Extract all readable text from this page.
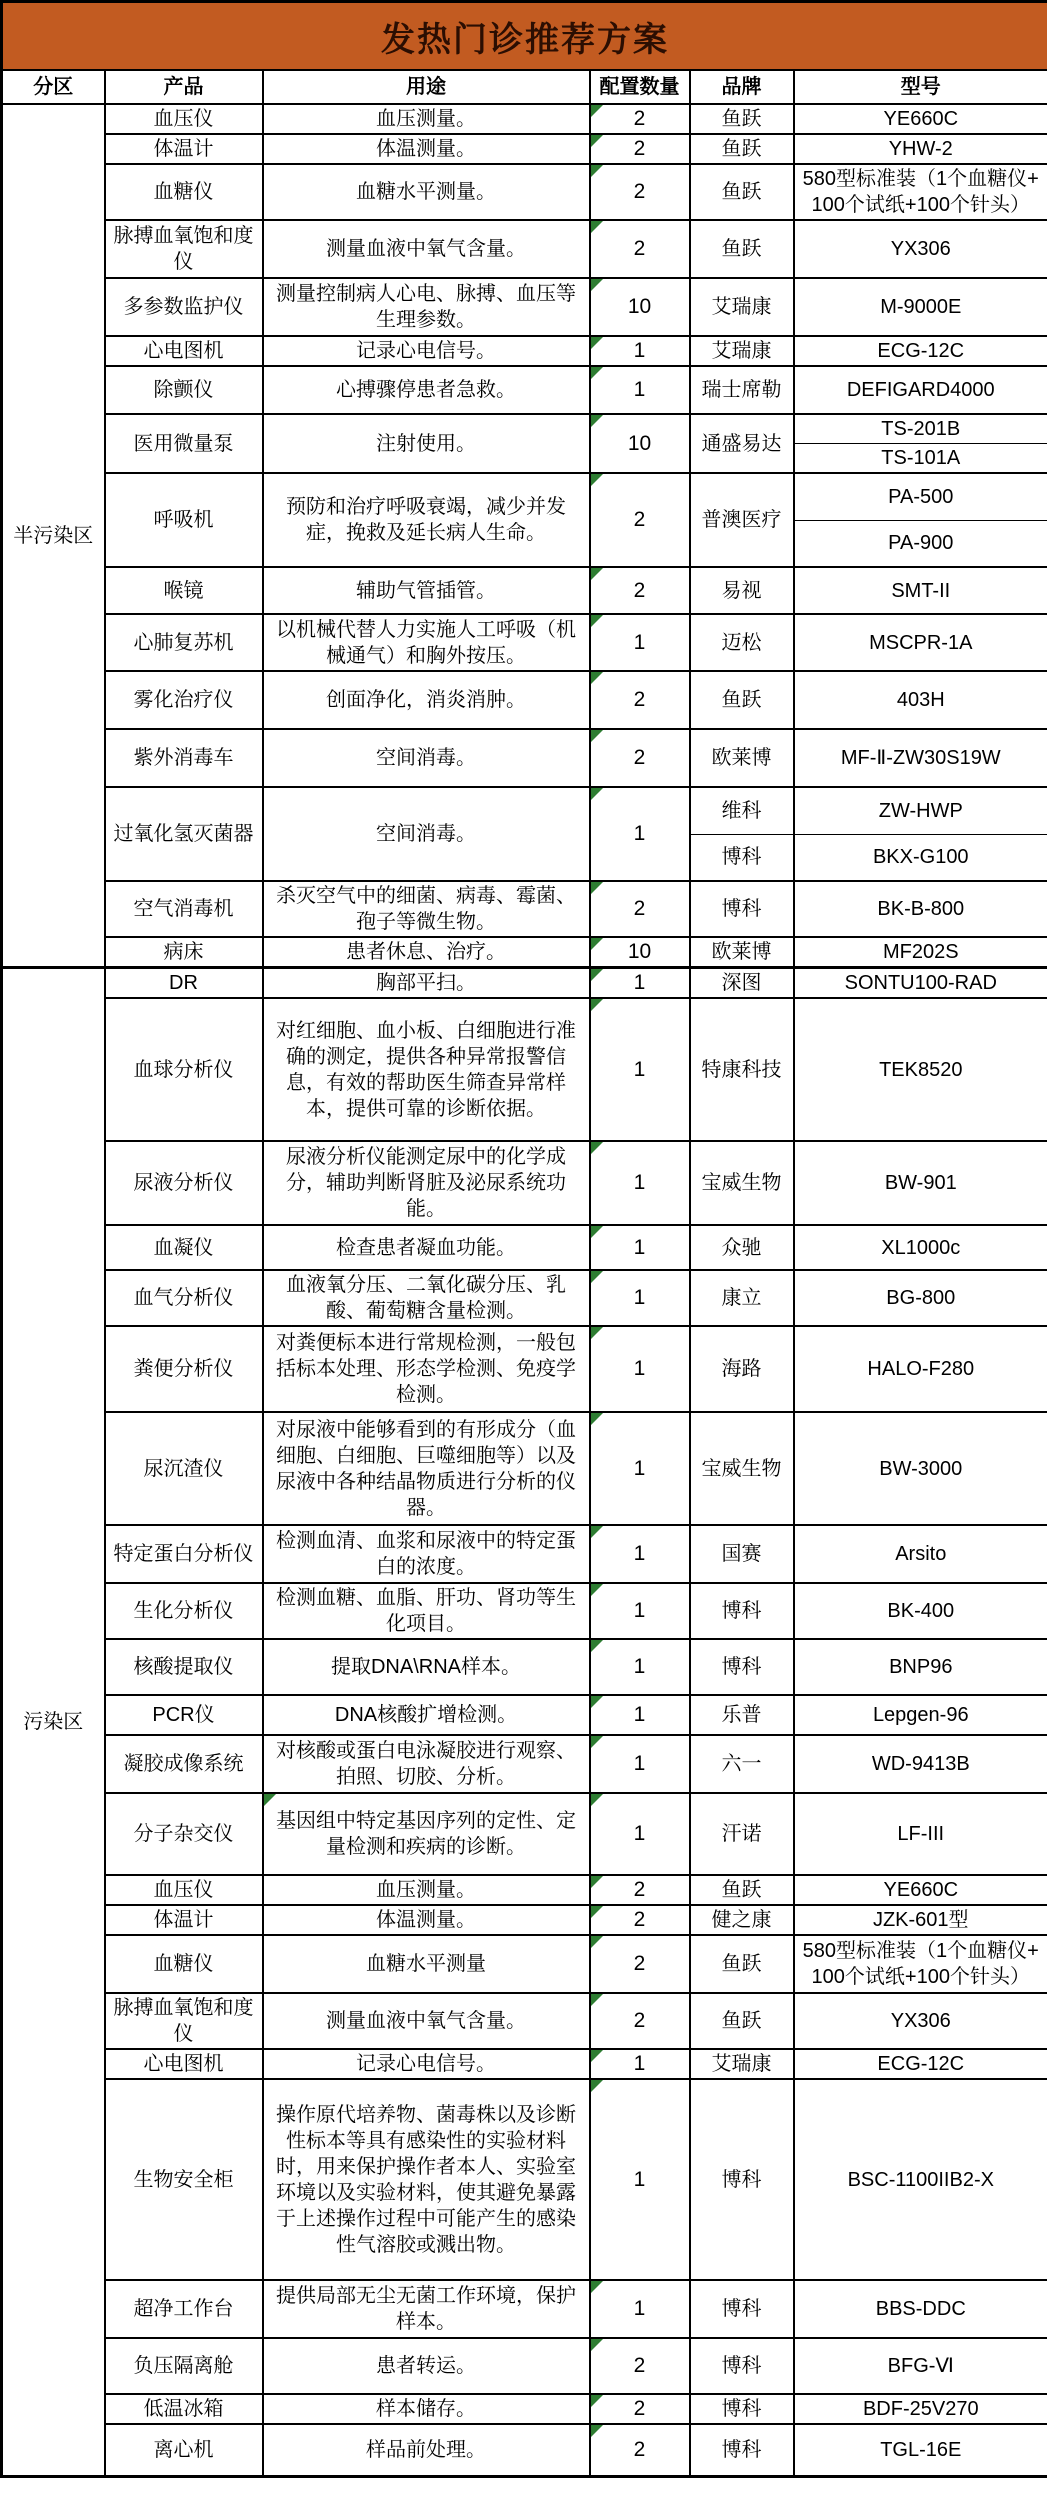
发热门诊推荐方案					
分区	产品	用途	配置数量	品牌	型号
半污染区	血压仪	血压测量。	2	鱼跃	YE660C
	体温计	体温测量。	2	鱼跃	YHW-2
	血糖仪	血糖水平测量。	2	鱼跃	580型标准装（1个血糖仪+100个试纸+100个针头）
	脉搏血氧饱和度仪	测量血液中氧气含量。	2	鱼跃	YX306
	多参数监护仪	测量控制病人心电、脉搏、血压等生理参数。	10	艾瑞康	M-9000E
	心电图机	记录心电信号。	1	艾瑞康	ECG-12C
	除颤仪	心搏骤停患者急救。	1	瑞士席勒	DEFIGARD4000
	医用微量泵	注射使用。	10	通盛易达	TS-201B
					TS-101A
	呼吸机	预防和治疗呼吸衰竭，减少并发症，挽救及延长病人生命。	2	普澳医疗	PA-500
					PA-900
	喉镜	辅助气管插管。	2	易视	SMT-II
	心肺复苏机	以机械代替人力实施人工呼吸（机械通气）和胸外按压。	1	迈松	MSCPR-1A
	雾化治疗仪	创面净化，消炎消肿。	2	鱼跃	403H
	紫外消毒车	空间消毒。	2	欧莱博	MF-Ⅱ-ZW30S19W
	过氧化氢灭菌器	空间消毒。	1	维科	ZW-HWP
				博科	BKX-G100
	空气消毒机	杀灭空气中的细菌、病毒、霉菌、孢子等微生物。	2	博科	BK-B-800
	病床	患者休息、治疗。	10	欧莱博	MF202S
污染区	DR	胸部平扫。	1	深图	SONTU100-RAD
	血球分析仪	对红细胞、血小板、白细胞进行准确的测定，提供各种异常报警信息，有效的帮助医生筛查异常样本，提供可靠的诊断依据。	1	特康科技	TEK8520
	尿液分析仪	尿液分析仪能测定尿中的化学成分，辅助判断肾脏及泌尿系统功能。	1	宝威生物	BW-901
	血凝仪	检查患者凝血功能。	1	众驰	XL1000c
	血气分析仪	血液氧分压、二氧化碳分压、乳酸、葡萄糖含量检测。	1	康立	BG-800
	粪便分析仪	对粪便标本进行常规检测，一般包括标本处理、形态学检测、免疫学检测。	1	海路	HALO-F280
	尿沉渣仪	对尿液中能够看到的有形成分（血细胞、白细胞、巨噬细胞等）以及尿液中各种结晶物质进行分析的仪器。	1	宝威生物	BW-3000
	特定蛋白分析仪	检测血清、血浆和尿液中的特定蛋白的浓度。	1	国赛	Arsito
	生化分析仪	检测血糖、血脂、肝功、肾功等生化项目。	1	博科	BK-400
	核酸提取仪	提取DNA\RNA样本。	1	博科	BNP96
	PCR仪	DNA核酸扩增检测。	1	乐普	Lepgen-96
	凝胶成像系统	对核酸或蛋白电泳凝胶进行观察、拍照、切胶、分析。	1	六一	WD-9413B
	分子杂交仪	基因组中特定基因序列的定性、定量检测和疾病的诊断。	1	汗诺	LF-III
	血压仪	血压测量。	2	鱼跃	YE660C
	体温计	体温测量。	2	健之康	JZK-601型
	血糖仪	血糖水平测量	2	鱼跃	580型标准装（1个血糖仪+100个试纸+100个针头）
	脉搏血氧饱和度仪	测量血液中氧气含量。	2	鱼跃	YX306
	心电图机	记录心电信号。	1	艾瑞康	ECG-12C
	生物安全柜	操作原代培养物、菌毒株以及诊断性标本等具有感染性的实验材料时，用来保护操作者本人、实验室环境以及实验材料，使其避免暴露于上述操作过程中可能产生的感染性气溶胶或溅出物。	1	博科	BSC-1100IIB2-X
	超净工作台	提供局部无尘无菌工作环境，保护样本。	1	博科	BBS-DDC
	负压隔离舱	患者转运。	2	博科	BFG-Ⅵ
	低温冰箱	样本储存。	2	博科	BDF-25V270
	离心机	样品前处理。	2	博科	TGL-16E
